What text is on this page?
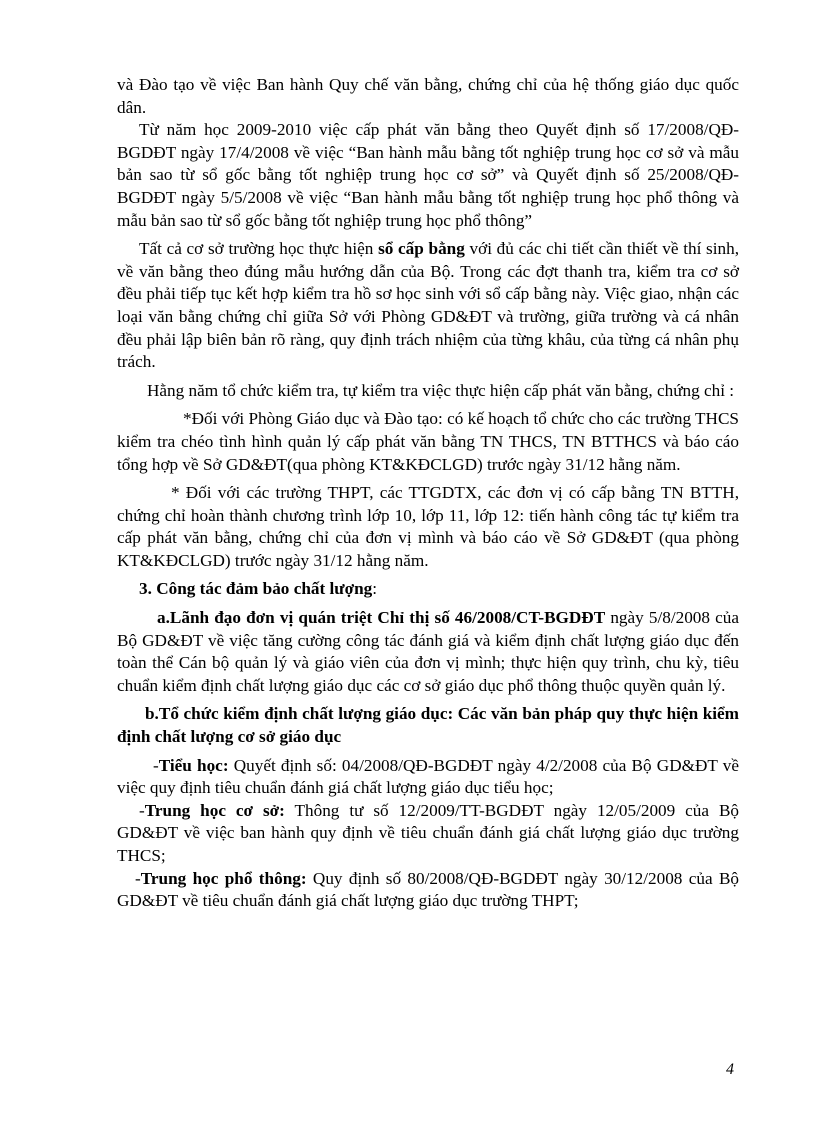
và Đào tạo về việc Ban hành Quy chế văn bằng, chứng chỉ của hệ thống giáo dục quốc dân.

Từ năm học 2009-2010 việc cấp phát văn bằng theo Quyết định số 17/2008/QĐ-BGDĐT ngày 17/4/2008 về việc “Ban hành mẫu bằng tốt nghiệp trung học cơ sở và mẫu bản sao từ sổ gốc bằng tốt nghiệp trung học cơ sở” và Quyết định số 25/2008/QĐ-BGDĐT ngày 5/5/2008 về việc “Ban hành mẫu bằng tốt nghiệp trung học phổ thông và mẫu bản sao từ sổ gốc bằng tốt nghiệp trung học phổ thông”

Tất cả cơ sở trường học thực hiện sổ cấp bằng với đủ các chi tiết cần thiết về thí sinh, về văn bằng theo đúng mẫu hướng dẫn của Bộ. Trong các đợt thanh tra, kiểm tra cơ sở đều phải tiếp tục kết hợp kiểm tra hồ sơ học sinh với sổ cấp bằng này. Việc giao, nhận các loại văn bằng chứng chỉ giữa Sở với Phòng GD&ĐT và trường, giữa trường và cá nhân đều phải lập biên bản rõ ràng, quy định trách nhiệm của từng khâu, của từng cá nhân phụ trách.

Hằng năm tổ chức kiểm tra, tự kiểm tra việc thực hiện cấp phát văn bằng, chứng chỉ :

*Đối với Phòng Giáo dục và Đào tạo: có kế hoạch tổ chức cho các trường THCS kiểm tra chéo tình hình quản lý cấp phát văn bằng TN THCS, TN BTTHCS và báo cáo tổng hợp về Sở GD&ĐT(qua phòng KT&KĐCLGD) trước ngày 31/12 hằng năm.

* Đối với các trường THPT, các TTGDTX, các đơn vị có cấp bằng TN BTTH, chứng chỉ hoàn thành chương trình lớp 10, lớp 11, lớp 12: tiến hành công tác tự kiểm tra cấp phát văn bằng, chứng chỉ của đơn vị mình và báo cáo về Sở GD&ĐT (qua phòng KT&KĐCLGD) trước ngày 31/12 hằng năm.

3. Công tác đảm bảo chất lượng:

a.Lãnh đạo đơn vị quán triệt Chỉ thị số 46/2008/CT-BGDĐT ngày 5/8/2008 của Bộ GD&ĐT về việc tăng cường công tác đánh giá và kiểm định chất lượng giáo dục đến toàn thể Cán bộ quản lý và giáo viên của đơn vị mình; thực hiện quy trình, chu kỳ, tiêu chuẩn kiểm định chất lượng giáo dục các cơ sở giáo dục phổ thông thuộc quyền quản lý.

b.Tổ chức kiểm định chất lượng giáo dục: Các văn bản pháp quy thực hiện kiểm định chất lượng cơ sở giáo dục

-Tiểu học: Quyết định số: 04/2008/QĐ-BGDĐT ngày 4/2/2008 của Bộ GD&ĐT về việc quy định tiêu chuẩn đánh giá chất lượng giáo dục tiểu học;

-Trung học cơ sở: Thông tư số 12/2009/TT-BGDĐT ngày 12/05/2009 của Bộ GD&ĐT về việc ban hành quy định về tiêu chuẩn đánh giá chất lượng giáo dục trường THCS;

-Trung học phổ thông: Quy định số 80/2008/QĐ-BGDĐT ngày 30/12/2008 của Bộ GD&ĐT về tiêu chuẩn đánh giá chất lượng giáo dục trường THPT;

4
